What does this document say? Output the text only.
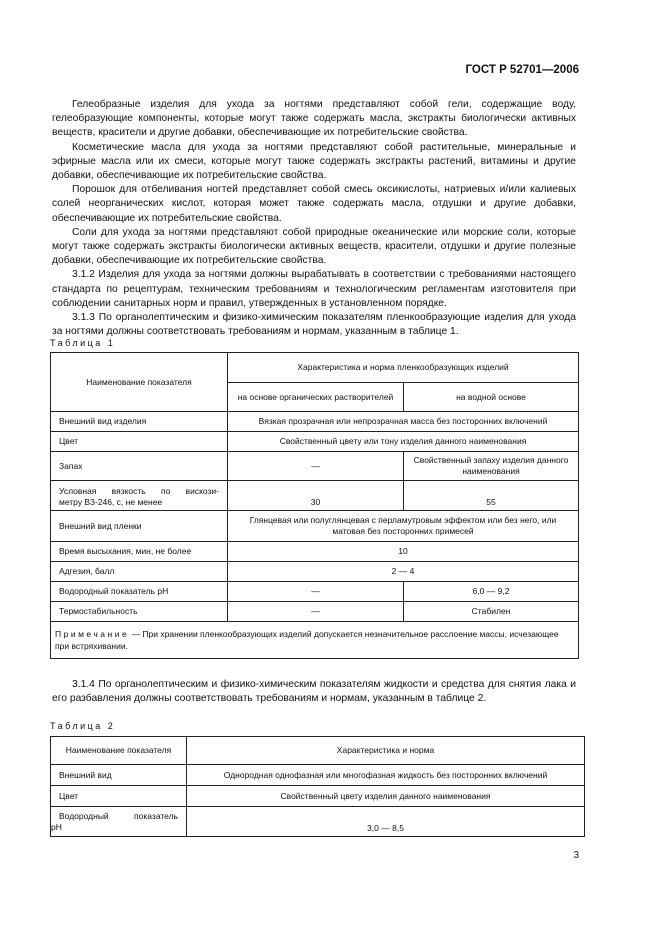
ГОСТ Р 52701—2006

Гелеобразные изделия для ухода за ногтями представляют собой гели, содержащие воду, гелеобразующие компоненты, которые могут также содержать масла, экстракты биологически активных веществ, красители и другие добавки, обеспечивающие их потребительские свойства.

Косметические масла для ухода за ногтями представляют собой растительные, минеральные и эфирные масла или их смеси, которые могут также содержать экстракты растений, витамины и другие добавки, обеспечивающие их потребительские свойства.

Порошок для отбеливания ногтей представляет собой смесь оксикислоты, натриевых и/или калиевых солей неорганических кислот, которая может также содержать масла, отдушки и другие добавки, обеспечивающие их потребительские свойства.

Соли для ухода за ногтями представляют собой природные океанические или морские соли, которые могут также содержать экстракты биологически активных веществ, красители, отдушки и другие полезные добавки, обеспечивающие их потребительские свойства.

3.1.2 Изделия для ухода за ногтями должны вырабатывать в соответствии с требованиями настоящего стандарта по рецептурам, техническим требованиям и технологическим регламентам изготовителя при соблюдении санитарных норм и правил, утвержденных в установленном порядке.

3.1.3 По органолептическим и физико-химическим показателям пленкообразующие изделия для ухода за ногтями должны соответствовать требованиям и нормам, указанным в таблице 1.

Таблица 1
Наименование показателя	Характеристика и норма пленкообразующих изделий	
	на основе органических растворителей	на водной основе
Внешний вид изделия	Вязкая прозрачная или непрозрачная масса без посторонних включений	
Цвет	Свойственный цвету или тону изделия данного наименования	
Запах	—	Свойственный запаху изделия данного наименования

Условная вязкость по вискози-
метру ВЗ-246, с, не менее	30	55
Внешний вид пленки	Глянцевая или полуглянцевая с перламутровым эффектом или без него, или матовая без посторонних примесей	
Время высыхания, мин, не более	10	
Адгезия, балл	2 — 4	
Водородный показатель рН	—	6,0 — 9,2
Термостабильность	—	Стабилен
Примечание — При хранении пленкообразующих изделий допускается незначительное расслоение массы, исчезающее при встряхивании.		

3.1.4 По органолептическим и физико-химическим показателям жидкости и средства для снятия лака и его разбавления должны соответствовать требованиям и нормам, указанным в таблице 2.

Таблица 2
Наименование показателя	Характеристика и норма
Внешний вид	Однородная однофазная или многофазная жидкость без посторонних включений
Цвет	Свойственный цвету изделия данного наименования

Водородный показатель
рН	3,0 — 8,5
3
